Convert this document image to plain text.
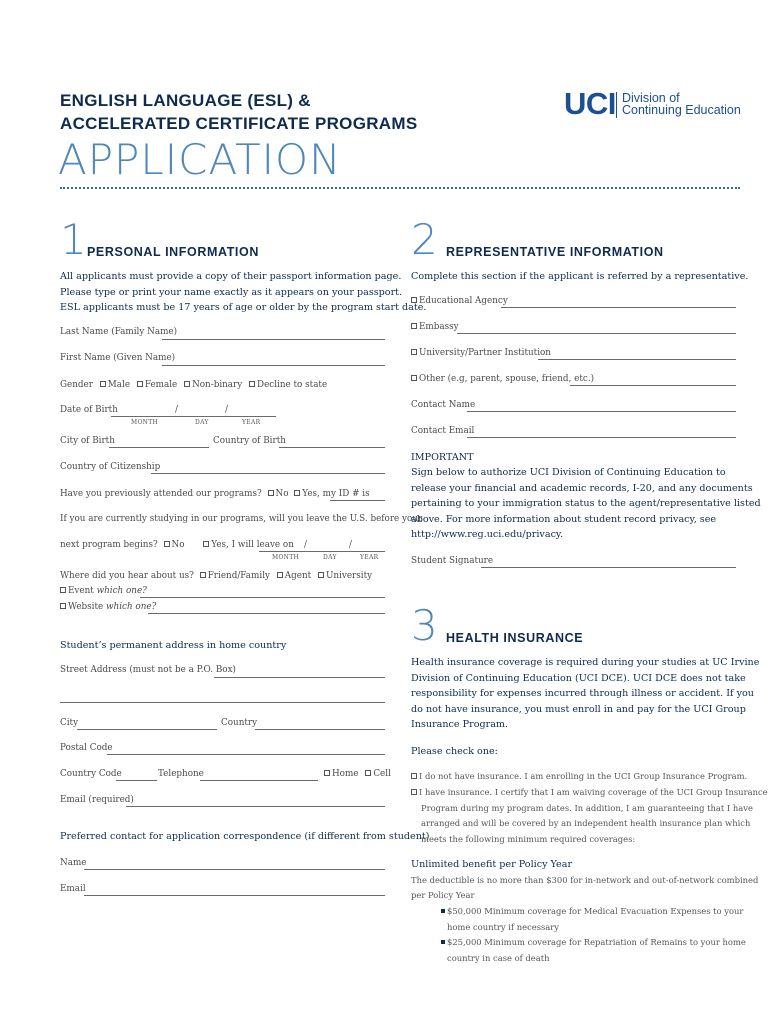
ENGLISH LANGUAGE (ESL) &
ACCELERATED CERTIFICATE PROGRAMS
APPLICATION
UCI Division of
Continuing Education
1 PERSONAL INFORMATION
All applicants must provide a copy of their passport information page.
Please type or print your name exactly as it appears on your passport.
ESL applicants must be 17 years of age or older by the program start date.
Last Name (Family Name)
First Name (Given Name)
Gender Male Female Non-binary Decline to state
Date of Birth	/	/
MONTH	DAY	YEAR
City of Birth	Country of Birth
Country of Citizenship
Have you previously attended our programs? No Yes, my ID # is
If you are currently studying in our programs, will you leave the U.S. before your
next program begins? No	Yes, I will leave on /	/
MONTH	DAY	YEAR
Where did you hear about us? Friend/Family Agent University
Event which one?
Website which one?
Student’s permanent address in home country
Street Address (must not be a P.O. Box)
City	Country
Postal Code
Country Code	Telephone	Home Cell
Email (required)
Preferred contact for application correspondence (if different from student)
Name
Email
2 REPRESENTATIVE INFORMATION
Complete this section if the applicant is referred by a representative.
Educational Agency
Embassy
University/Partner Institution
Other (e.g, parent, spouse, friend, etc.)
Contact Name
Contact Email
IMPORTANT
Sign below to authorize UCI Division of Continuing Education to
release your financial and academic records, I-20, and any documents
pertaining to your immigration status to the agent/representative listed
above. For more information about student record privacy, see
http://www.reg.uci.edu/privacy.
Student Signature
3 HEALTH INSURANCE
Health insurance coverage is required during your studies at UC Irvine
Division of Continuing Education (UCI DCE). UCI DCE does not take
responsibility for expenses incurred through illness or accident. If you
do not have insurance, you must enroll in and pay for the UCI Group
Insurance Program.
Please check one:
I do not have insurance. I am enrolling in the UCI Group Insurance Program.
I have insurance. I certify that I am waiving coverage of the UCI Group Insurance
Program during my program dates. In addition, I am guaranteeing that I have
arranged and will be covered by an independent health insurance plan which
meets the following minimum required coverages:
Unlimited benefit per Policy Year
The deductible is no more than $300 for in-network and out-of-network combined
per Policy Year
$50,000 Minimum coverage for Medical Evacuation Expenses to your
home country if necessary
$25,000 Minimum coverage for Repatriation of Remains to your home
country in case of death
